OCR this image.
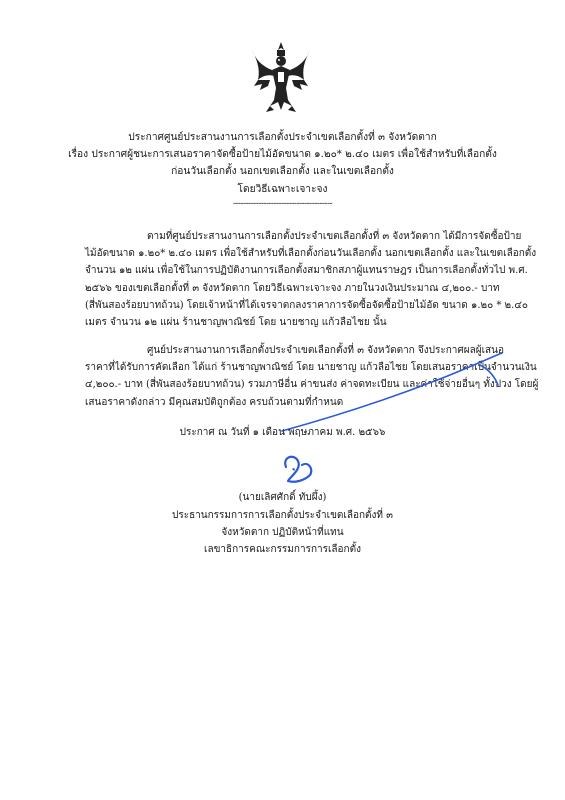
ประกาศศูนย์ประสานงานการเลือกตั้งประจำเขตเลือกตั้งที่ ๓ จังหวัดตาก
เรื่อง ประกาศผู้ชนะการเสนอราคาจัดซื้อป้ายไม้อัดขนาด ๑.๒๐* ๒.๔๐ เมตร เพื่อใช้สำหรับที่เลือกตั้ง
ก่อนวันเลือกตั้ง นอกเขตเลือกตั้ง และในเขตเลือกตั้ง
โดยวิธีเฉพาะเจาะจง
---------------------------------------
ตามที่ศูนย์ประสานงานการเลือกตั้งประจำเขตเลือกตั้งที่ ๓ จังหวัดตาก ได้มีการจัดซื้อป้าย
ไม้อัดขนาด ๑.๒๐* ๒.๔๐ เมตร เพื่อใช้สำหรับที่เลือกตั้งก่อนวันเลือกตั้ง นอกเขตเลือกตั้ง และในเขตเลือกตั้ง
จำนวน ๑๒ แผ่น เพื่อใช้ในการปฏิบัติงานการเลือกตั้งสมาชิกสภาผู้แทนราษฎร เป็นการเลือกตั้งทั่วไป พ.ศ.
๒๕๖๖ ของเขตเลือกตั้งที่ ๓ จังหวัดตาก โดยวิธีเฉพาะเจาะจง ภายในวงเงินประมาณ ๔,๒๐๐.- บาท
(สี่พันสองร้อยบาทถ้วน) โดยเจ้าหน้าที่ได้เจรจาตกลงราคาการจัดซื้อจัดซื้อป้ายไม้อัด ขนาด ๑.๒๐ * ๒.๔๐
เมตร จำนวน ๑๒ แผ่น ร้านชาญพาณิชย์ โดย นายชาญ แก้วลือไชย นั้น
ศูนย์ประสานงานการเลือกตั้งประจำเขตเลือกตั้งที่ ๓ จังหวัดตาก จึงประกาศผลผู้เสนอ
ราคาที่ได้รับการคัดเลือก ได้แก่ ร้านชาญพาณิชย์ โดย นายชาญ แก้วลือไชย โดยเสนอราคาเป็นจำนวนเงิน
๔,๒๐๐.- บาท (สี่พันสองร้อยบาทถ้วน) รวมภาษีอื่น ค่าขนส่ง ค่าจดทะเบียน และค่าใช้จ่ายอื่นๆ ทั้งปวง โดยผู้
เสนอราคาดังกล่าว มีคุณสมบัติถูกต้อง ครบถ้วนตามที่กำหนด
ประกาศ ณ วันที่ ๑ เดือน พฤษภาคม พ.ศ. ๒๕๖๖
(นายเลิศศักดิ์ ทับผึ้ง)
ประธานกรรมการการเลือกตั้งประจำเขตเลือกตั้งที่ ๓
จังหวัดตาก ปฏิบัติหน้าที่แทน
เลขาธิการคณะกรรมการการเลือกตั้ง
